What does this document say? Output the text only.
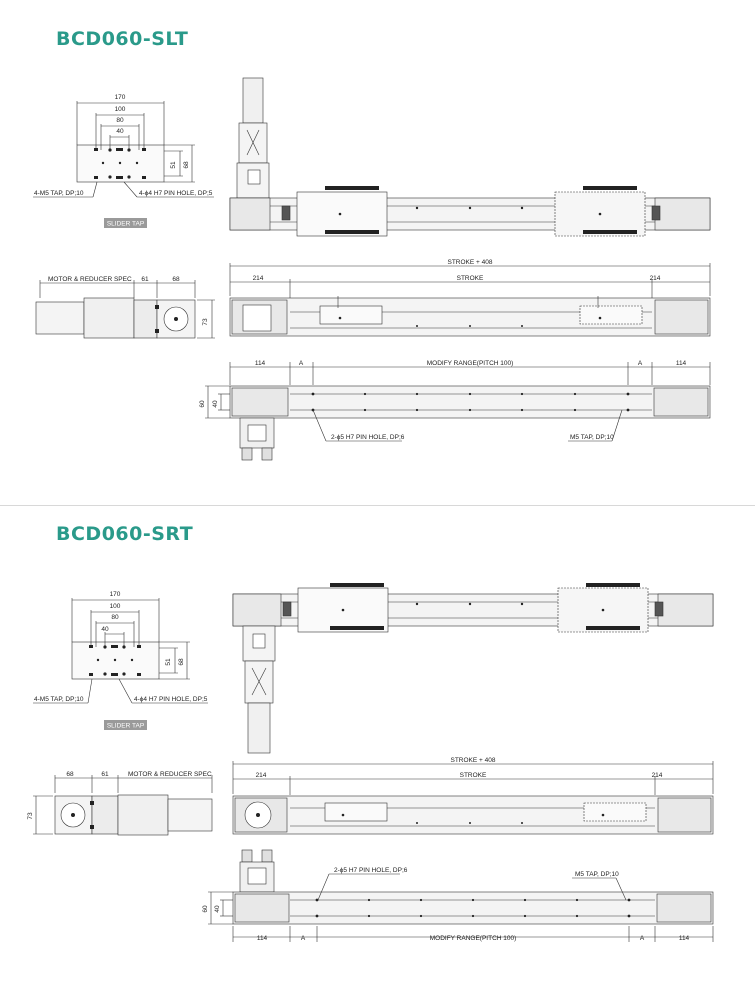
BCD060-SLT
BCD060-SRT
170
100
80
40
51 68
4-M5 TAP, DP;10	4-ϕ4 H7 PIN HOLE, DP;5
SLIDER TAP
STROKE + 408
STROKE
214	214
MOTOR & REDUCER SPEC 61	68
73
114	A	MODIFY RANGE(PITCH 100)	A	114
60 40
2-ϕ5 H7 PIN HOLE, DP;6	M5 TAP, DP;10
170
100
80
40
51 68
4-M5 TAP, DP;10	4-ϕ4 H7 PIN HOLE, DP;5
SLIDER TAP
68	61	MOTOR & REDUCER SPEC
73
STROKE + 408
STROKE
214	214
2-ϕ5 H7 PIN HOLE, DP;6
M5 TAP, DP;10
60 40
114	A	MODIFY RANGE(PITCH 100)	A	114
